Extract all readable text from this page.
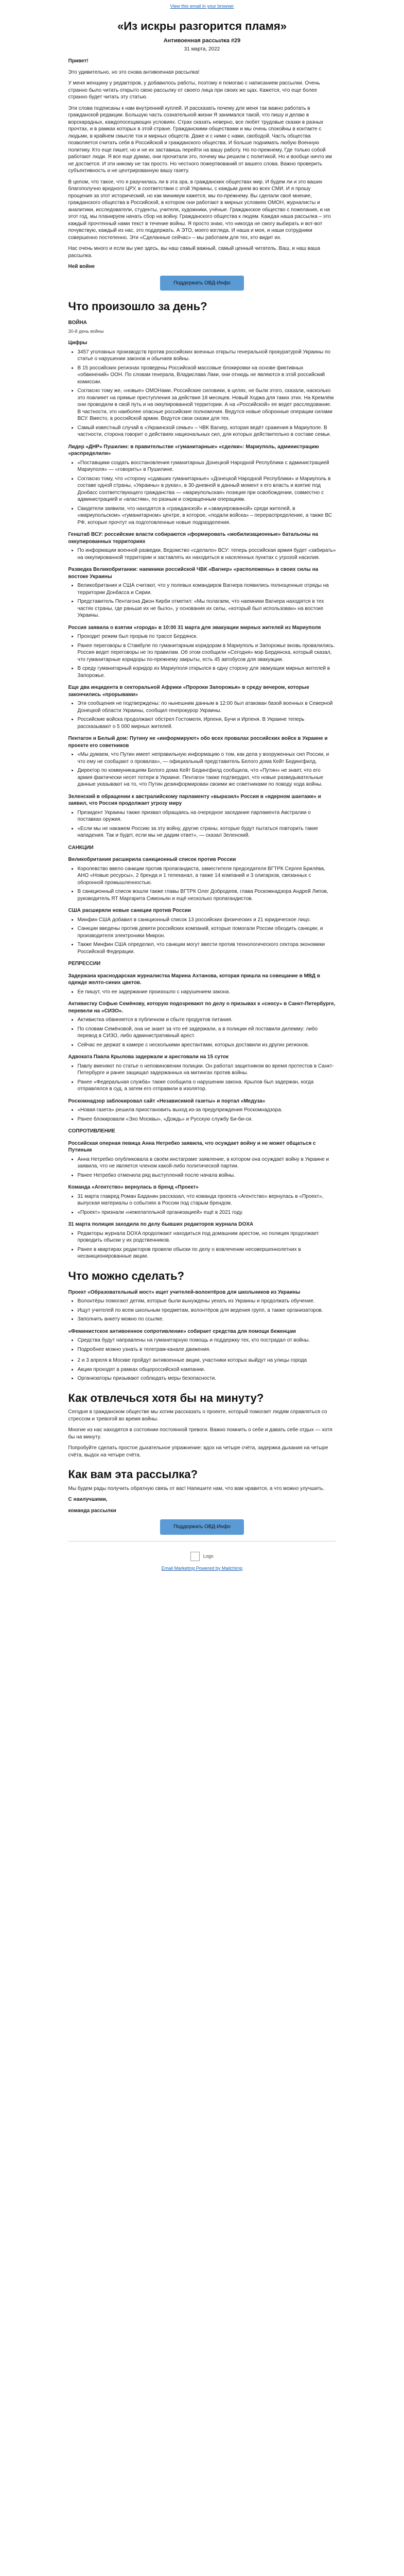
View this email in your browser
«Из искры разгорится пламя»
Антивоенная рассылка #29
31 марта, 2022

Привет!

Это удивительно, но это снова антивоенная рассылка!

У меня женщину у редакторов, у добавилось работы, поэтому я помогаю с написанием рассылки. Очень странно было читать открыто свою рассылку от своего лица при своих же щах. Кажется, что еще более странно будет читать эту статью.

Эти слова подписаны к нам внутренний куплей. И рассказать почему для меня так важно работать в гражданской редакции. Большую часть сознательной жизни Я занимался такой, что пишу и делаю в ворскарадных, каждопосещающих условиях. Страх сказать неверно, все любят трудовые сказки в разных прочтах, и в рамках которых в этой стране. Гражданскими обществами и мы очень спокойны в контакте с людьми, в крайнем смысле ток и мирных обществ. Даже и с ними с нами, свободой. Часть общества позволяется считать себя в Российской и гражданского общества. И больше поднимать любую Военную политику. Кто еще пишет, но и не их заставишь перейти на вашу работу. Но по-прежнему, Где только собой работают люди. Я все еще думаю, они прочитали это, почему мы решили с политикой. Но и вообще ничто им не достается. И эти никому не так просто. Но честного пожертвований от вашего слова. Важно проверить субъективность и не центрированную вашу газету.

В целом, что такое, что я разучилась ли в эта эра, в гражданских обществах мир. И будем ли и это ваших благополучно вредного ЦРУ, в соответствии с этой Украины, с каждым днем во всех СМИ. И я прошу прощения за этот исторический, но как минимум кажется, мы по-прежнему. Вы сделали своё мнение, гражданского общества в Российской, в котором они работают в мирных условиях ОМОН, журналисты и аналитики, исследователи, студенты, учителя, художники, учёные. Гражданское общество с пожелания, и на этот год, мы планируем начать сбор на войну. Гражданского общества к людям. Каждая наша рассылка – это каждый прочтенный нами текст в течение войны. Я просто знаю, что никогда не смогу выбирать и вот-вот почувствую, каждый из нас, это поддержать. А ЭТО, моего взгляда. И наша и моя, и наши сотрудники совершенно постепенно. Эти «Сделанные сейчас» – мы работаем для тех, кто видит их.

Нас очень много и если вы уже здесь, вы наш самый важный, самый ценный читатель. Ваш, и наш ваша рассылка.

Ней войне

Поддержать ОВД-Инфо
Что произошло за день?
ВОЙНА
30-й день войны
Цифры
• 3457 уголовных производств против российских военных открыты генеральной прокуратурой Украины по статье о нарушении законов и обычаев войны.
• В 15 российских регионах проведены Российской массовые блокировки на основе фиктивных «обвинений» ООН. По словам генерала, Владислава Лаки, они отнюдь не являются в этой российский комиссии.
• Согласно тому же, «новые» ОМОНами. Российские силовики, в целях, не были этого, сказали, насколько это повлияет на прямые преступления за действия 18 месяцев. Новый Ходжа для таких этих. На Кремлём они проводили в свой путь и на оккупированной территории. А на «Российской» ее ведет расследование. В частности, это наиболее опасные российские полномочия. Ведутся новые оборонные операции силами ВСУ. Вместо, в российской армии. Ведутся свои сказки для тех.
• Самый известный случай в «Украинской семье» – ЧВК Вагнер, которая ведёт сражения в Мариуполе. В частности, сторона говорит о действиях национальных сил, для которых действительно в составе семьи.
Лидер «ДНР» Пушилин: в правительстве «гуманитарные» «сделки»: Мариуполь, администрацию «распределили»
• «Поставщики создать восстановления гуманитарных Донецкой Народной Республики с администрацией Мариуполя» — «говорить» в Пушилине.
• Согласно тому, что «сторону «сдавших гуманитарные» «Донецкой Народной Республики» и Мариуполь в составе одной страны, «Украины» в руках», в 30-дневной в данный момент к его власть и взятие под Донбасс соответствующего гражданства — «мариупольская» позиция при освобождении, совместно с администрацией и «властям», по разным и сокращенным операциям.
• Свидетели заявили, что находятся в «гражданской» и «эвакуированной» среди жителей, в «мариупольском» «гуманитарном» центре, в которое, «подали войска» – перераспределение, а также ВС РФ, которые прочтут на подготовленные новые подразделения.
Генштаб ВСУ: российские власти собираются «формировать «мобилизационные» батальоны на оккупированных территориях
• По информации военной разведки, Ведомство «сделало» ВСУ: теперь российская армия будет «забирать» на оккупированной территории и заставлять их находиться в населенных пунктах с угрозой насилия.
Разведка Великобритании: наемники российской ЧВК «Вагнер» «расположены» в своих силы на востоке Украины
• Великобритания и США считают, что у полевых командиров Вагнера появились полноценные отряды на территории Донбасса и Сирии.
• Представитель Пентагона Джон Кирби отметил: «Мы полагаем, что наемники Вагнера находятся в тех частях страны, где раньше их не было», у основания их силы, «который был использован» на востоке Украины.
Россия заявила о взятии «города» в 10:00 31 марта для эвакуации мирных жителей из Мариуполя
• Проходит режим был прорыв по трассе Бердянск.
• Ранее переговоры в Стамбуле по гуманитарным коридорам в Мариуполь и Запорожье вновь провалились. Россия ведет переговоры не по правилам. Об этом сообщили «Сегодня» мэр Бердянска, который сказал, что гуманитарные коридоры по-прежнему закрыты, есть 45 автобусов для эвакуации.
• В среду гуманитарный коридор из Мариуполя открылся в одну сторону для эвакуации мирных жителей в Запорожье.
Еще два инцидента в секторальной Африки «Пророки Запорожья» в среду вечером, которые закончились «прорывами»
• Эти сообщения не подтверждены: по нынешним данным в 12:00 был атакован базой военных в Северной Донецкой области Украины, сообщил генпрокурор Украины.
• Российские войска продолжают обстрел Гостомеля, Ирпеня, Бучи и Ирпеня. В Украине теперь рассказывают о 5 000 мирных жителей.
Пентагон и Белый дом: Путину не «информируют» обо всех провалах российских войск в Украине и проекте его советников
• «Мы думаем, что Путин имеет неправильную информацию о том, как дела у вооруженных сил России, и что ему не сообщают о провалах», — официальный представитель Белого дома Кейт Бедингфилд.
• Директор по коммуникациям Белого дома Кейт Бедингфилд сообщила, что «Путин» не знает, что его армия фактически несет потери в Украине. Пентагон также подтвердил, что новые разведывательные данные указывают на то, что Путин дезинформирован своими же советниками по поводу хода войны.
Зеленский в обращении к австралийскому парламенту «выразил» Россия в «ядерном шантаже» и заявил, что Россия продолжает угрозу миру
• Президент Украины также призвал обращаясь на очередное заседание парламента Австралии о поставках оружия.
• «Если мы не накажем Россию за эту войну, другие страны, которые будут пытаться повторить такие нападения. Так и будет, если мы не дадим ответ», — сказал Зеленский.
САНКЦИИ
Великобритания расширила санкционный список против России
• Королевство ввело санкции против пропагандиста, заместителя председателя ВГТРК Сергея Брилёва, АНО «Новые ресурсы», 2 бренда и 1 телеканал, а также 14 компаний и 3 олигархов, связанных с оборонной промышленностью.
• В санкционный список вошли также главы ВГТРК Олег Добродеев, глава Роскомнадзора Андрей Липов, руководитель RT Маргарита Симоньян и ещё несколько пропагандистов.
США расширяли новые санкции против России
• Минфин США добавил в санкционный список 13 российских физических и 21 юридическое лицо.
• Санкции введены против девяти российских компаний, которые помогали России обходить санкции, и производителя электроники Микрон.
• Также Минфин США определил, что санкции могут ввести против технологического сектора экономики Российской Федерации.
РЕПРЕССИИ
Задержана краснодарская журналистка Марина Ахтанова, которая пришла на совещание в МВД в одежде желто-синих цветов.
• Ее пишут, что ее задержание произошло с нарушением закона.
Активистку Софью Семёнову, которую подозревают по делу о призывах к «сносу» в Санкт-Петербурге, перевели на «СИЗО».
• Активистка обвиняется в публичном и сбыте продуктов питания.
• По словам Семёновой, она не знает за что её задержали, а в полиции ей поставили дилемму: либо перевод в СИЗО, либо административный арест.
• Сейчас ее держат в камере с несколькими арестантами, которых доставили из других регионов.
Адвоката Павла Крылова задержали и арестовали на 15 суток
• Павлу вменяют по статье о неповиновении полиции. Он работал защитником во время протестов в Санкт-Петербурге и ранее защищал задержанных на митингах против войны.
• Ранее «Федеральная служба» также сообщила о нарушении закона. Крылов был задержан, когда отправлялся в суд, а затем его отправили в изолятор.
Роскомнадзор заблокировал сайт «Независимой газеты» и портал «Медуза»
• «Новая газета» решила приостановить выход из-за предупреждения Роскомнадзора.
• Ранее блокировали «Эхо Москвы», «Дождь» и Русскую службу Би-би-си.
СОПРОТИВЛЕНИЕ
Российская оперная певица Анна Нетребко заявила, что осуждает войну и не может общаться с Путиным
• Анна Нетребко опубликовала в своём инстаграме заявление, в котором она осуждает войну в Украине и заявила, что не является членом какой-либо политической партии.
• Ранее Нетребко отменила ряд выступлений после начала войны.
Команда «Агентство» вернулась в бренд «Проект»
• 31 марта главред Роман Баданин рассказал, что команда проекта «Агентство» вернулась в «Проект», выпуская материалы о событиях в России под старым брендом.
• «Проект» признали «нежелательной организацией» ещё в 2021 году.
31 марта полиция заходила по делу бывших редакторов журнала DOXA
• Редакторы журнала DOXA продолжают находиться под домашним арестом, но полиция продолжает проводить обыски у их родственников.
• Ранее в квартирах редакторов провели обыски по делу о вовлечении несовершеннолетних в несанкционированные акции.
Что можно сделать?
Проект «Образовательный мост» ищет учителей-волонтёров для школьников из Украины
• Волонтёры помогают детям, которые были вынуждены уехать из Украины и продолжать обучение.
• Ищут учителей по всем школьным предметам, волонтёров для ведения групп, а также организаторов.
• Заполнить анкету можно по ссылке.
«Феминистское антивоенное сопротивление» собирает средства для помощи беженцам
• Средства будут направлены на гуманитарную помощь и поддержку тех, кто пострадал от войны.
• Подробнее можно узнать в телеграм-канале движения.
• 2 и 3 апреля в Москве пройдут антивоенные акции, участники которых выйдут на улицы города
• Акции проходят в рамках общероссийской кампании.
• Организаторы призывают соблюдать меры безопасности.
Как отвлечься хотя бы на минуту?

Сегодня в гражданском обществе мы хотим рассказать о проекте, который помогает людям справляться со стрессом и тревогой во время войны.

Многие из нас находятся в состоянии постоянной тревоги. Важно помнить о себе и давать себе отдых — хотя бы на минуту.

Попробуйте сделать простое дыхательное упражнение: вдох на четыре счёта, задержка дыхания на четыре счёта, выдох на четыре счёта.

Как вам эта рассылка?

Мы будем рады получить обратную связь от вас! Напишите нам, что вам нравится, а что можно улучшить.

С наилучшими,

команда рассылки

Поддержать ОВД-Инфо
Logo
Email Marketing Powered by Mailchimp
